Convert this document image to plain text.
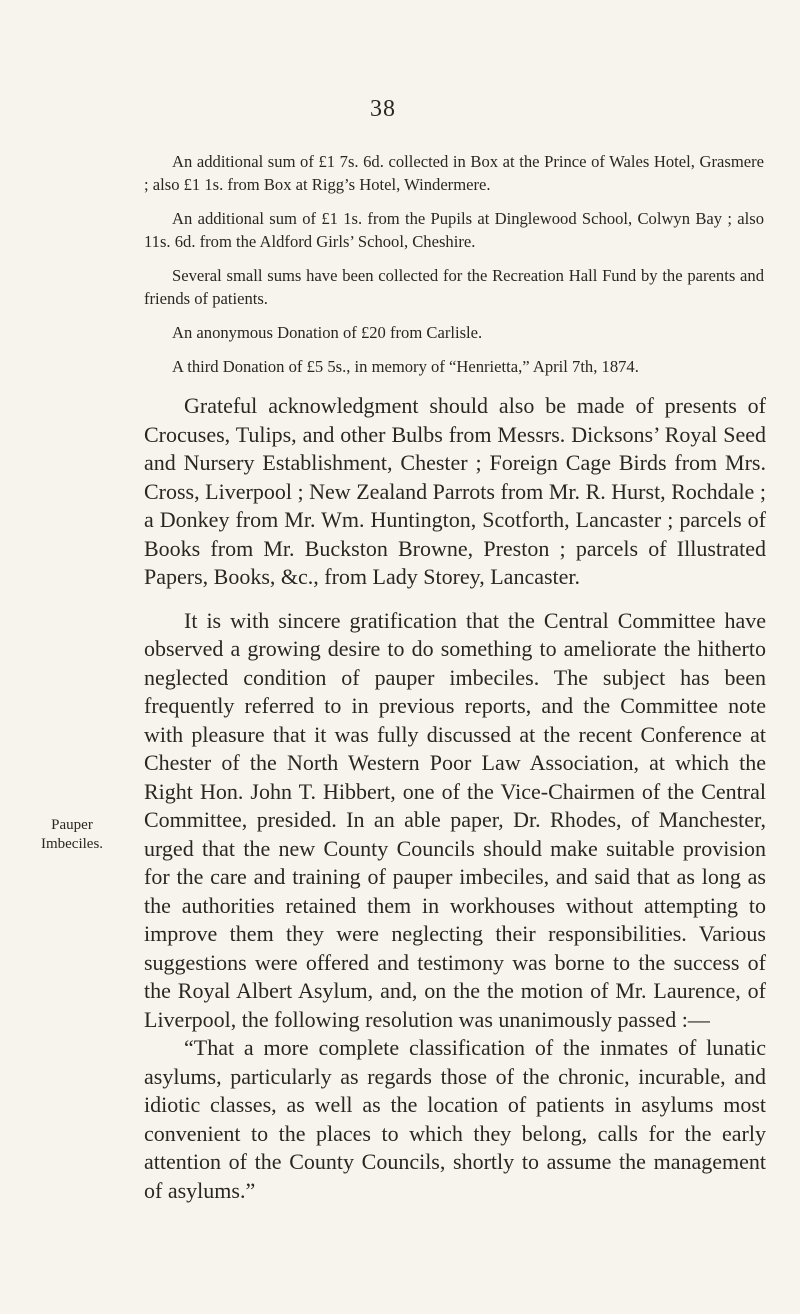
38

An additional sum of £1 7s. 6d. collected in Box at the Prince of Wales Hotel, Grasmere ; also £1 1s. from Box at Rigg’s Hotel, Windermere.

An additional sum of £1 1s. from the Pupils at Dinglewood School, Colwyn Bay ; also 11s. 6d. from the Aldford Girls’ School, Cheshire.

Several small sums have been collected for the Recreation Hall Fund by the parents and friends of patients.

An anonymous Donation of £20 from Carlisle.

A third Donation of £5 5s., in memory of “Henrietta,” April 7th, 1874.

Grateful acknowledgment should also be made of presents of Crocuses, Tulips, and other Bulbs from Messrs. Dicksons’ Royal Seed and Nursery Establishment, Chester ; Foreign Cage Birds from Mrs. Cross, Liverpool ; New Zealand Parrots from Mr. R. Hurst, Rochdale ; a Donkey from Mr. Wm. Huntington, Scotforth, Lancaster ; parcels of Books from Mr. Buckston Browne, Preston ; parcels of Illustrated Papers, Books, &c., from Lady Storey, Lancaster.

It is with sincere gratification that the Central Committee have observed a growing desire to do something to ameliorate the hitherto neglected condition of pauper imbeciles. The subject has been frequently referred to in previous reports, and the Committee note with pleasure that it was fully discussed at the recent Conference at Chester of the North Western Poor Law Association, at which the Right Hon. John T. Hibbert, one of the Vice-Chairmen of the Central Committee, presided. In an able paper, Dr. Rhodes, of Manchester, urged that the new County Councils should make suitable provision for the care and training of pauper imbeciles, and said that as long as the authorities retained them in workhouses without attempting to improve them they were neglecting their responsibilities. Various suggestions were offered and testimony was borne to the success of the Royal Albert Asylum, and, on the the motion of Mr. Laurence, of Liverpool, the following resolution was unanimously passed :—

“That a more complete classification of the inmates of lunatic asylums, particularly as regards those of the chronic, incurable, and idiotic classes, as well as the location of patients in asylums most convenient to the places to which they belong, calls for the early attention of the County Councils, shortly to assume the management of asylums.”

Pauper
Imbeciles.
